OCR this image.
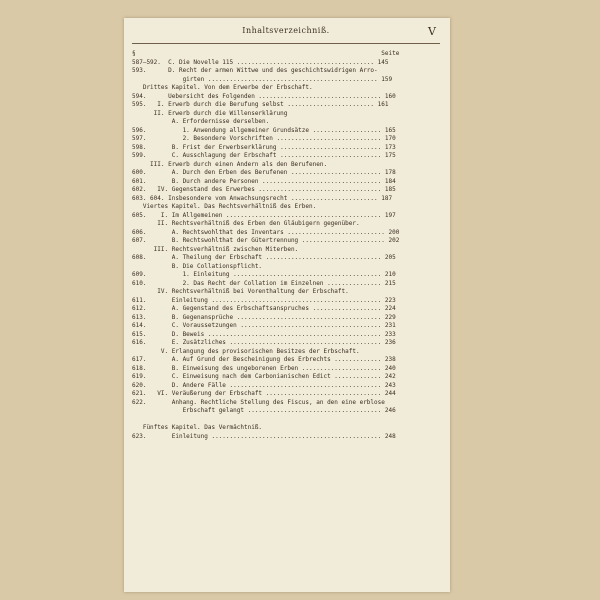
Inhaltsverzeichniß.	V
§                                                                    Seite
587—592.  C. Die Novelle 115 ...................................... 145
593.      D. Recht der armen Wittwe und des geschichtswidrigen Arro-
girten ............................................... 159
Drittes Kapitel. Von dem Erwerbe der Erbschaft.
594.      Uebersicht des Folgenden .................................. 160
595.   I. Erwerb durch die Berufung selbst ........................ 161
II. Erwerb durch die Willenserklärung
A. Erfordernisse derselben.
596.          1. Anwendung allgemeiner Grundsätze ................... 165
597.          2. Besondere Vorschriften ............................. 170
598.       B. Frist der Erwerbserklärung ............................ 173
599.       C. Ausschlagung der Erbschaft ............................ 175
III. Erwerb durch einen Andern als den Berufenen.
600.       A. Durch den Erben des Berufenen ......................... 178
601.       B. Durch andere Personen ................................. 184
602.   IV. Gegenstand des Erwerbes .................................. 185
603. 604. Insbesondere vom Anwachsungsrecht ........................ 187
Viertes Kapitel. Das Rechtsverhältniß des Erben.
605.    I. Im Allgemeinen ........................................... 197
II. Rechtsverhältniß des Erben den Gläubigern gegenüber.
606.       A. Rechtswohlthat des Inventars ........................... 200
607.       B. Rechtswohlthat der Gütertrennung ....................... 202
III. Rechtsverhältniß zwischen Miterben.
608.       A. Theilung der Erbschaft ................................ 205
B. Die Collationspflicht.
609.          1. Einleitung ......................................... 210
610.          2. Das Recht der Collation im Einzelnen ............... 215
IV. Rechtsverhältniß bei Vorenthaltung der Erbschaft.
611.       Einleitung ............................................... 223
612.       A. Gegenstand des Erbschaftsanspruches ................... 224
613.       B. Gegenansprüche ........................................ 229
614.       C. Voraussetzungen ....................................... 231
615.       D. Beweis ................................................ 233
616.       E. Zusätzliches .......................................... 236
V. Erlangung des provisorischen Besitzes der Erbschaft.
617.       A. Auf Grund der Bescheinigung des Erbrechts ............. 238
618.       B. Einweisung des ungeborenen Erben ...................... 240
619.       C. Einweisung nach dem Carbonianischen Edict ............. 242
620.       D. Andere Fälle .......................................... 243
621.   VI. Veräußerung der Erbschaft ................................ 244
622.       Anhang. Rechtliche Stellung des Fiscus, an den eine erblose
Erbschaft gelangt ..................................... 246
Fünftes Kapitel. Das Vermächtniß.
623.       Einleitung ............................................... 248
